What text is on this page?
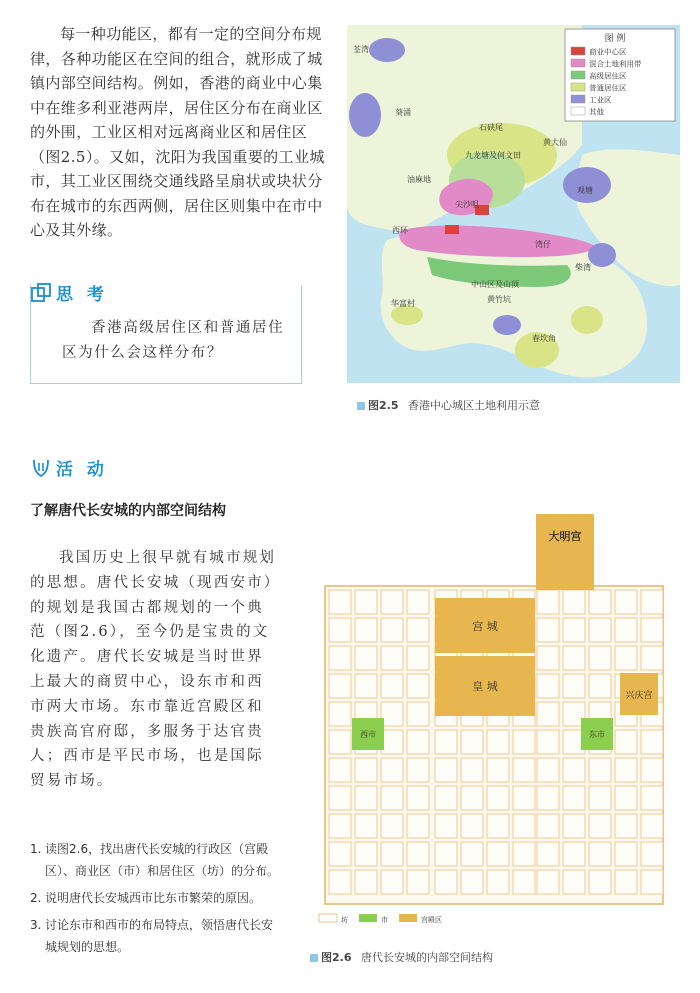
每一种功能区，都有一定的空间分布规律，各种功能区在空间的组合，就形成了城镇内部空间结构。例如，香港的商业中心集中在维多利亚港两岸，居住区分布在商业区的外围，工业区相对远离商业区和居住区（图2.5）。又如，沈阳为我国重要的工业城市，其工业区围绕交通线路呈扇状或块状分布在城市的东西两侧，居住区则集中在市中心及其外缘。
思 考
香港高级居住区和普通居住区为什么会这样分布？
图 例
商业中心区
混合土地利用带
高级居住区
普通居住区
工业区
其他
荃湾
葵涌
石硖尾
黄大仙
九龙塘及何文田
油麻地
观塘
尖沙咀
西环
湾仔
中山区及山顶
柴湾
华富村	黄竹坑
春坎角
图2.5 香港中心城区土地利用示意
活 动
了解唐代长安城的内部空间结构
我国历史上很早就有城市规划的思想。唐代长安城（现西安市）的规划是我国古都规划的一个典范（图2.6），至今仍是宝贵的文化遗产。唐代长安城是当时世界上最大的商贸中心，设东市和西市两大市场。东市靠近宫殿区和贵族高官府邸，多服务于达官贵人；西市是平民市场，也是国际贸易市场。
1. 读图2.6，找出唐代长安城的行政区（宫殿区）、商业区（市）和居住区（坊）的分布。
2. 说明唐代长安城西市比东市繁荣的原因。
3. 讨论东市和西市的布局特点，领悟唐代长安城规划的思想。
大明宫
宫 城
皇 城
兴庆宫
西市	东市
坊	市	宫殿区
图2.6 唐代长安城的内部空间结构
